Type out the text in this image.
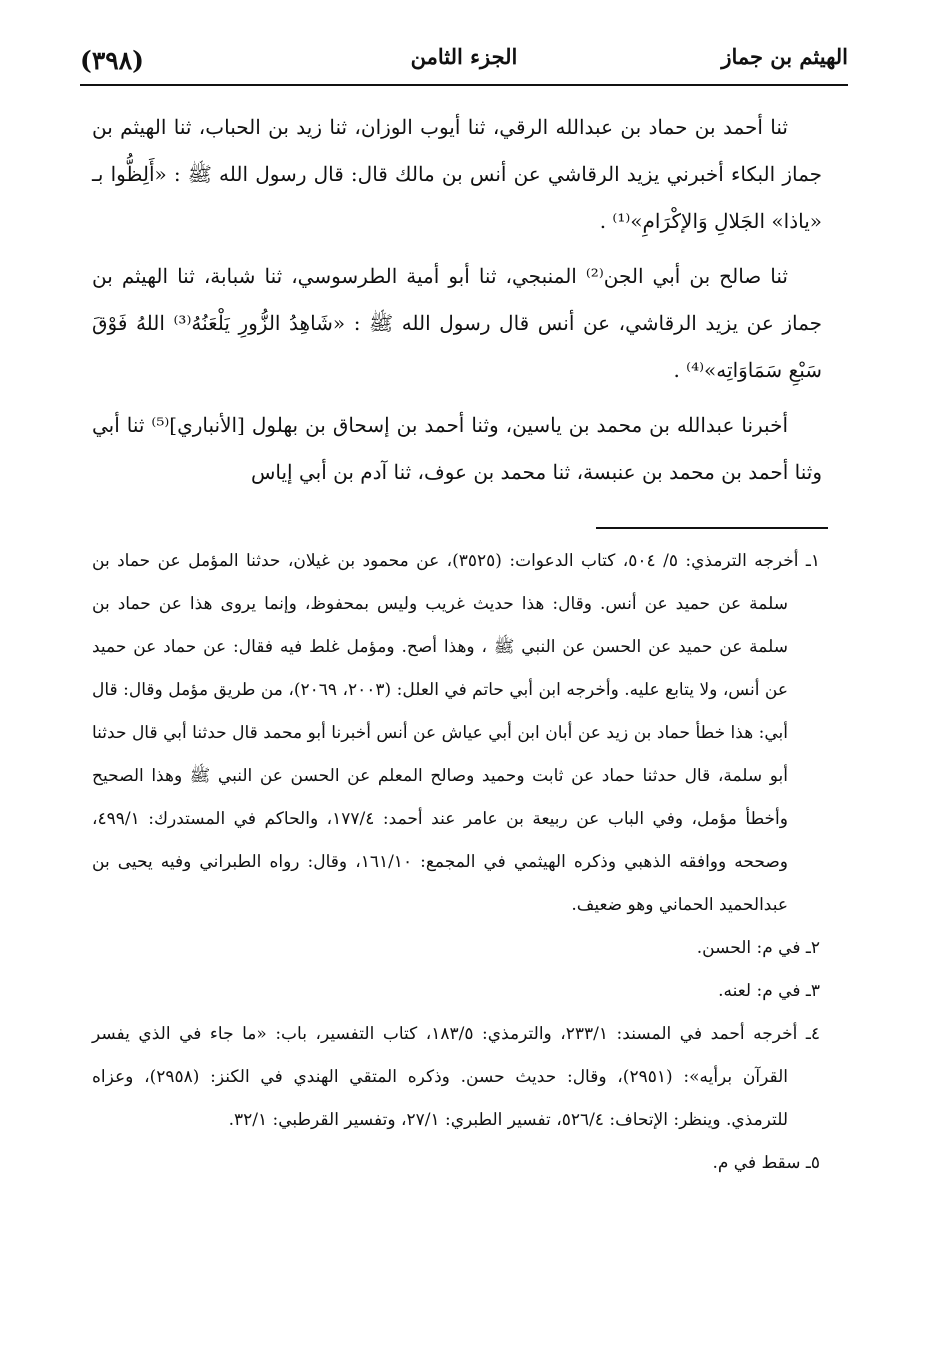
(٣٩٨)	الجزء الثامن	الهيثم بن جماز

ثنا أحمد بن حماد بن عبدالله الرقي، ثنا أيوب الوزان، ثنا زيد بن الحباب، ثنا الهيثم بن جماز البكاء أخبرني يزيد الرقاشي عن أنس بن مالك قال: قال رسول الله ﷺ : «أَلِظُّوا بـ «ياذا» الجَلالِ وَالإكْرَامِ»⁽¹⁾ .

ثنا صالح بن أبي الجن⁽²⁾ المنبجي، ثنا أبو أمية الطرسوسي، ثنا شبابة، ثنا الهيثم بن جماز عن يزيد الرقاشي، عن أنس قال رسول الله ﷺ : «شَاهِدُ الزُّورِ يَلْعَنُهُ⁽³⁾ اللهُ فَوْقَ سَبْعِ سَمَاوَاتِه»⁽⁴⁾ .

أخبرنا عبدالله بن محمد بن ياسين، وثنا أحمد بن إسحاق بن بهلول [الأنباري]⁽⁵⁾ ثنا أبي وثنا أحمد بن محمد بن عنبسة، ثنا محمد بن عوف، ثنا آدم بن أبي إياس

١ـ أخرجه الترمذي: ٥/ ٥٠٤، كتاب الدعوات: (٣٥٢٥)، عن محمود بن غيلان، حدثنا المؤمل عن حماد بن سلمة عن حميد عن أنس. وقال: هذا حديث غريب وليس بمحفوظ، وإنما يروى هذا عن حماد بن سلمة عن حميد عن الحسن عن النبي ﷺ ، وهذا أصح. ومؤمل غلط فيه فقال: عن حماد عن حميد عن أنس، ولا يتابع عليه. وأخرجه ابن أبي حاتم في العلل: (٢٠٠٣، ٢٠٦٩)، من طريق مؤمل وقال: قال أبي: هذا خطأ حماد بن زيد عن أبان ابن أبي عياش عن أنس أخبرنا أبو محمد قال حدثنا أبي قال حدثنا أبو سلمة، قال حدثنا حماد عن ثابت وحميد وصالح المعلم عن الحسن عن النبي ﷺ وهذا الصحيح وأخطأ مؤمل، وفي الباب عن ربيعة بن عامر عند أحمد: ١٧٧/٤، والحاكم في المستدرك: ٤٩٩/١، وصححه ووافقه الذهبي وذكره الهيثمي في المجمع: ١٦١/١٠، وقال: رواه الطبراني وفيه يحيى بن عبدالحميد الحماني وهو ضعيف.

٢ـ في م: الحسن.

٣ـ في م: لعنه.

٤ـ أخرجه أحمد في المسند: ٢٣٣/١، والترمذي: ١٨٣/٥، كتاب التفسير، باب: «ما جاء في الذي يفسر القرآن برأيه»: (٢٩٥١)، وقال: حديث حسن. وذكره المتقي الهندي في الكنز: (٢٩٥٨)، وعزاه للترمذي. وينظر: الإتحاف: ٥٢٦/٤، تفسير الطبري: ٢٧/١، وتفسير القرطبي: ٣٢/١.

٥ـ سقط في م.
